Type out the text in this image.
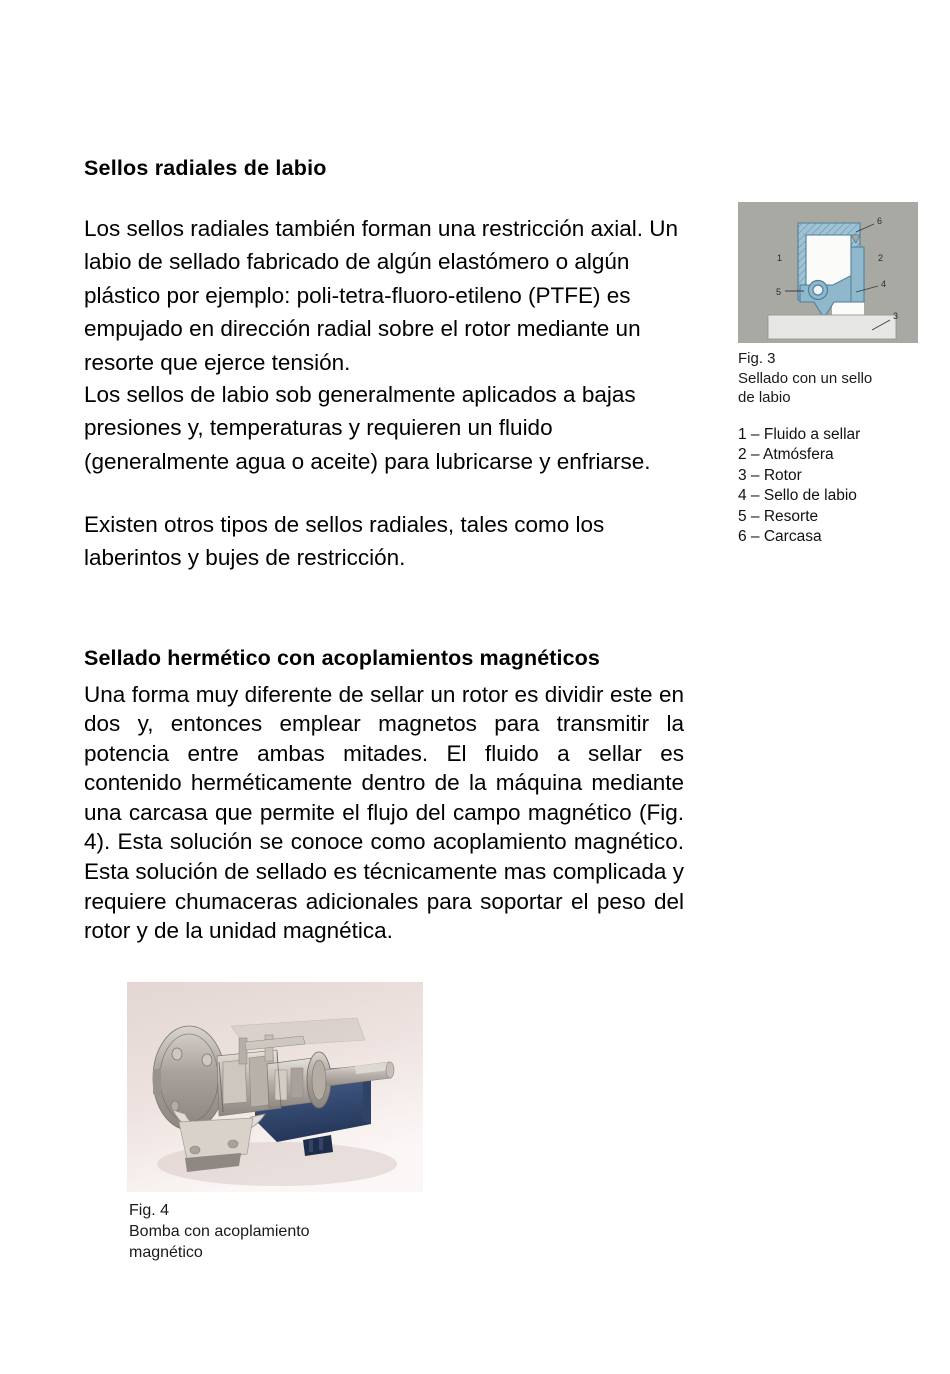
Sellos radiales de labio

Los sellos radiales también forman una restricción axial. Un labio de sellado fabricado de algún elastómero o algún plástico por ejemplo: poli-tetra-fluoro-etileno (PTFE) es empujado en dirección radial sobre el rotor mediante un resorte que ejerce tensión.

Los sellos de labio sob generalmente aplicados a bajas presiones y, temperaturas y requieren un fluido (generalmente agua o aceite) para lubricarse y enfriarse.

Existen otros tipos de sellos radiales, tales como los laberintos y bujes de restricción.

1	2
3
4
5
6
Fig. 3
Sellado con un sello
de labio
1 – Fluido a sellar
2 – Atmósfera
3 – Rotor
4 – Sello de labio
5 – Resorte
6 – Carcasa
Sellado hermético con acoplamientos magnéticos

Una forma muy diferente de sellar un rotor es dividir este en dos y, entonces emplear magnetos para transmitir la potencia entre ambas mitades. El fluido a sellar es contenido herméticamente dentro de la máquina mediante una carcasa que permite el flujo del campo magnético (Fig. 4). Esta solución se conoce como acoplamiento magnético. Esta solución de sellado es técnicamente mas complicada y requiere chumaceras adicionales para soportar el peso del rotor y de la unidad magnética.

Fig. 4
Bomba con acoplamiento
magnético
